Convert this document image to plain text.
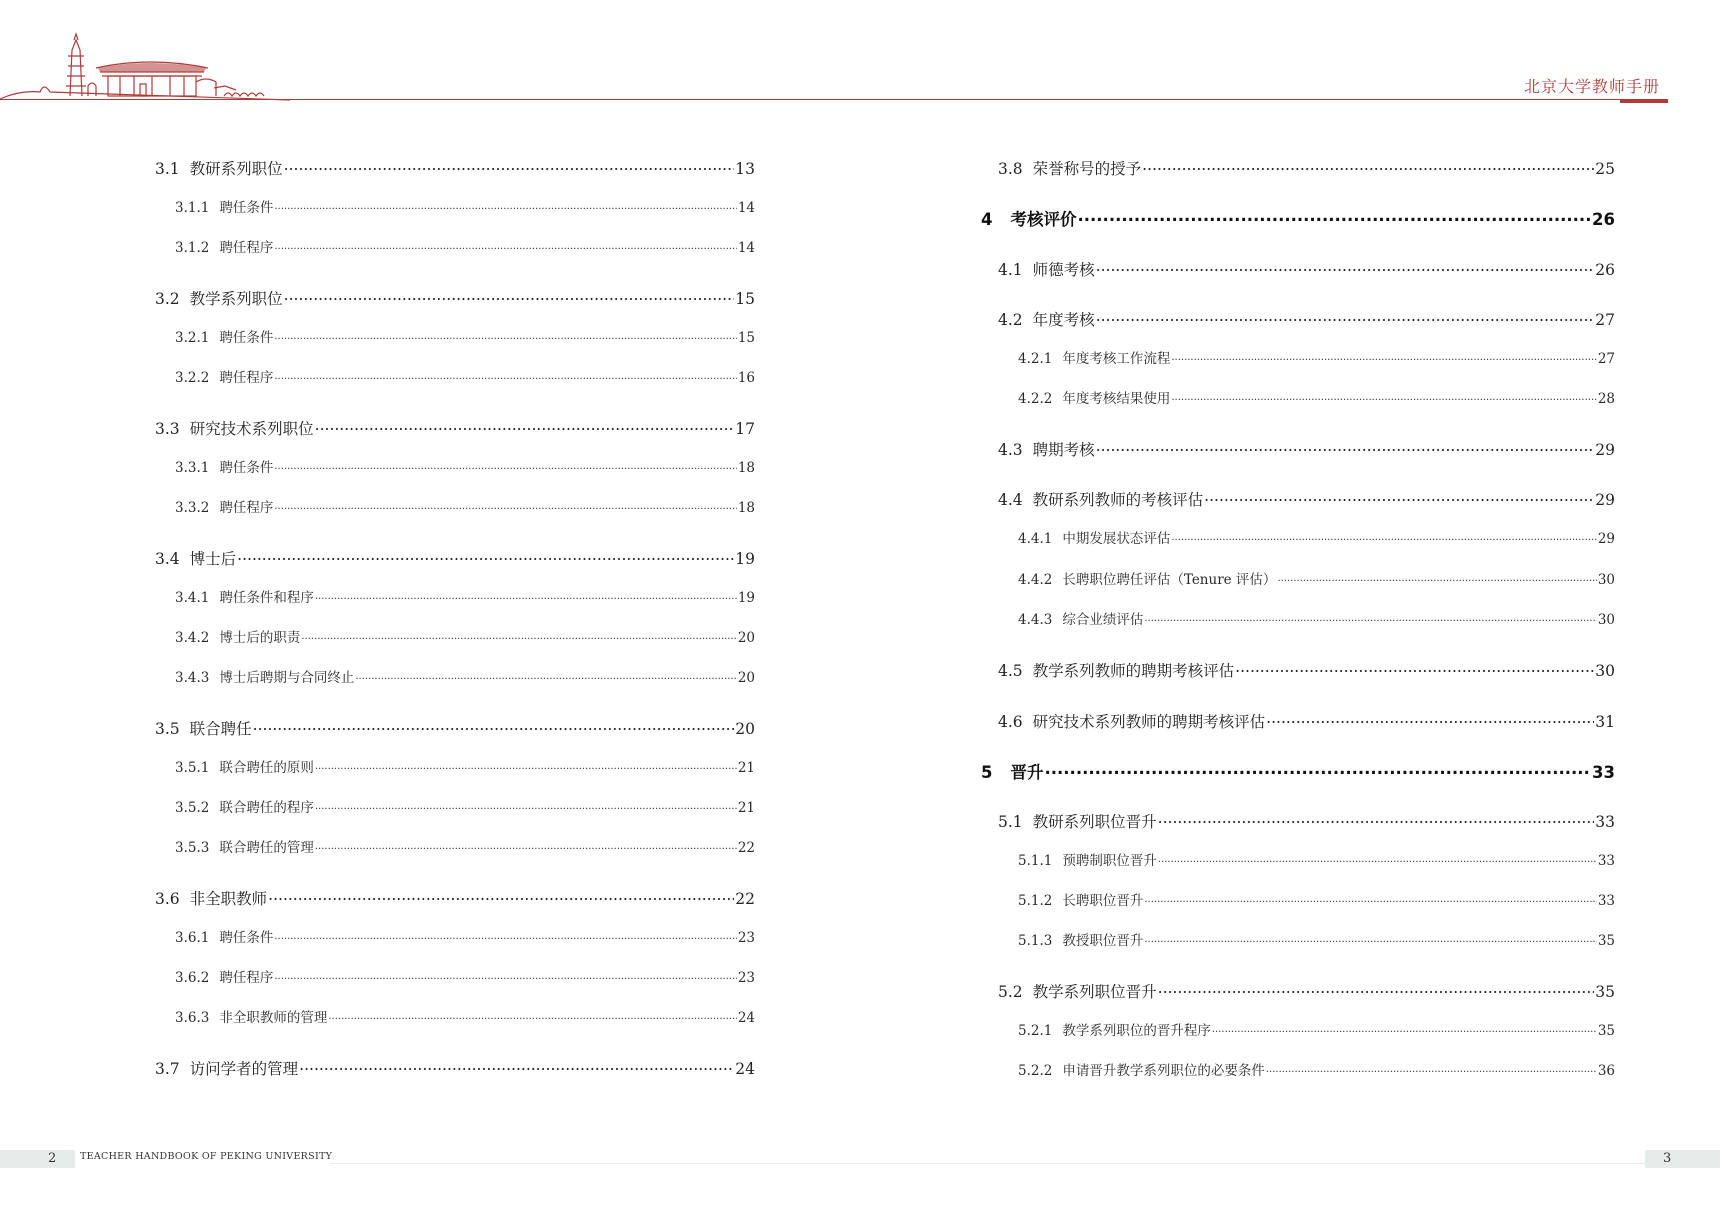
北京大学教师手册
3.1 教研系列职位 .....	13
3.1.1 聘任条件 .....	14
3.1.2 聘任程序 .....	14
3.2 教学系列职位 .....	15
3.2.1 聘任条件 .....	15
3.2.2 聘任程序 .....	16
3.3 研究技术系列职位 .....	17
3.3.1 聘任条件 .....	18
3.3.2 聘任程序 .....	18
3.4 博士后 .....	19
3.4.1 聘任条件和程序 .....	19
3.4.2 博士后的职责 .....	20
3.4.3 博士后聘期与合同终止 .....	20
3.5 联合聘任 .....	20
3.5.1 联合聘任的原则 .....	21
3.5.2 联合聘任的程序 .....	21
3.5.3 联合聘任的管理 .....	22
3.6 非全职教师 .....	22
3.6.1 聘任条件 .....	23
3.6.2 聘任程序 .....	23
3.6.3 非全职教师的管理 .....	24
3.7 访问学者的管理 .....	24
3.8 荣誉称号的授予 .....	25
4 考核评价 .....	26
4.1 师德考核 .....	26
4.2 年度考核 .....	27
4.2.1 年度考核工作流程 .....	27
4.2.2 年度考核结果使用 .....	28
4.3 聘期考核 .....	29
4.4 教研系列教师的考核评估 .....	29
4.4.1 中期发展状态评估 .....	29
4.4.2 长聘职位聘任评估（Tenure 评估） .....	30
4.4.3 综合业绩评估 .....	30
4.5 教学系列教师的聘期考核评估 .....	30
4.6 研究技术系列教师的聘期考核评估 .....	31
5 晋升 .....	33
5.1 教研系列职位晋升 .....	33
5.1.1 预聘制职位晋升 .....	33
5.1.2 长聘职位晋升 .....	33
5.1.3 教授职位晋升 .....	35
5.2 教学系列职位晋升 .....	35
5.2.1 教学系列职位的晋升程序 .....	35
5.2.2 申请晋升教学系列职位的必要条件 .....	36
2 TEACHER HANDBOOK OF PEKING UNIVERSITY	3
